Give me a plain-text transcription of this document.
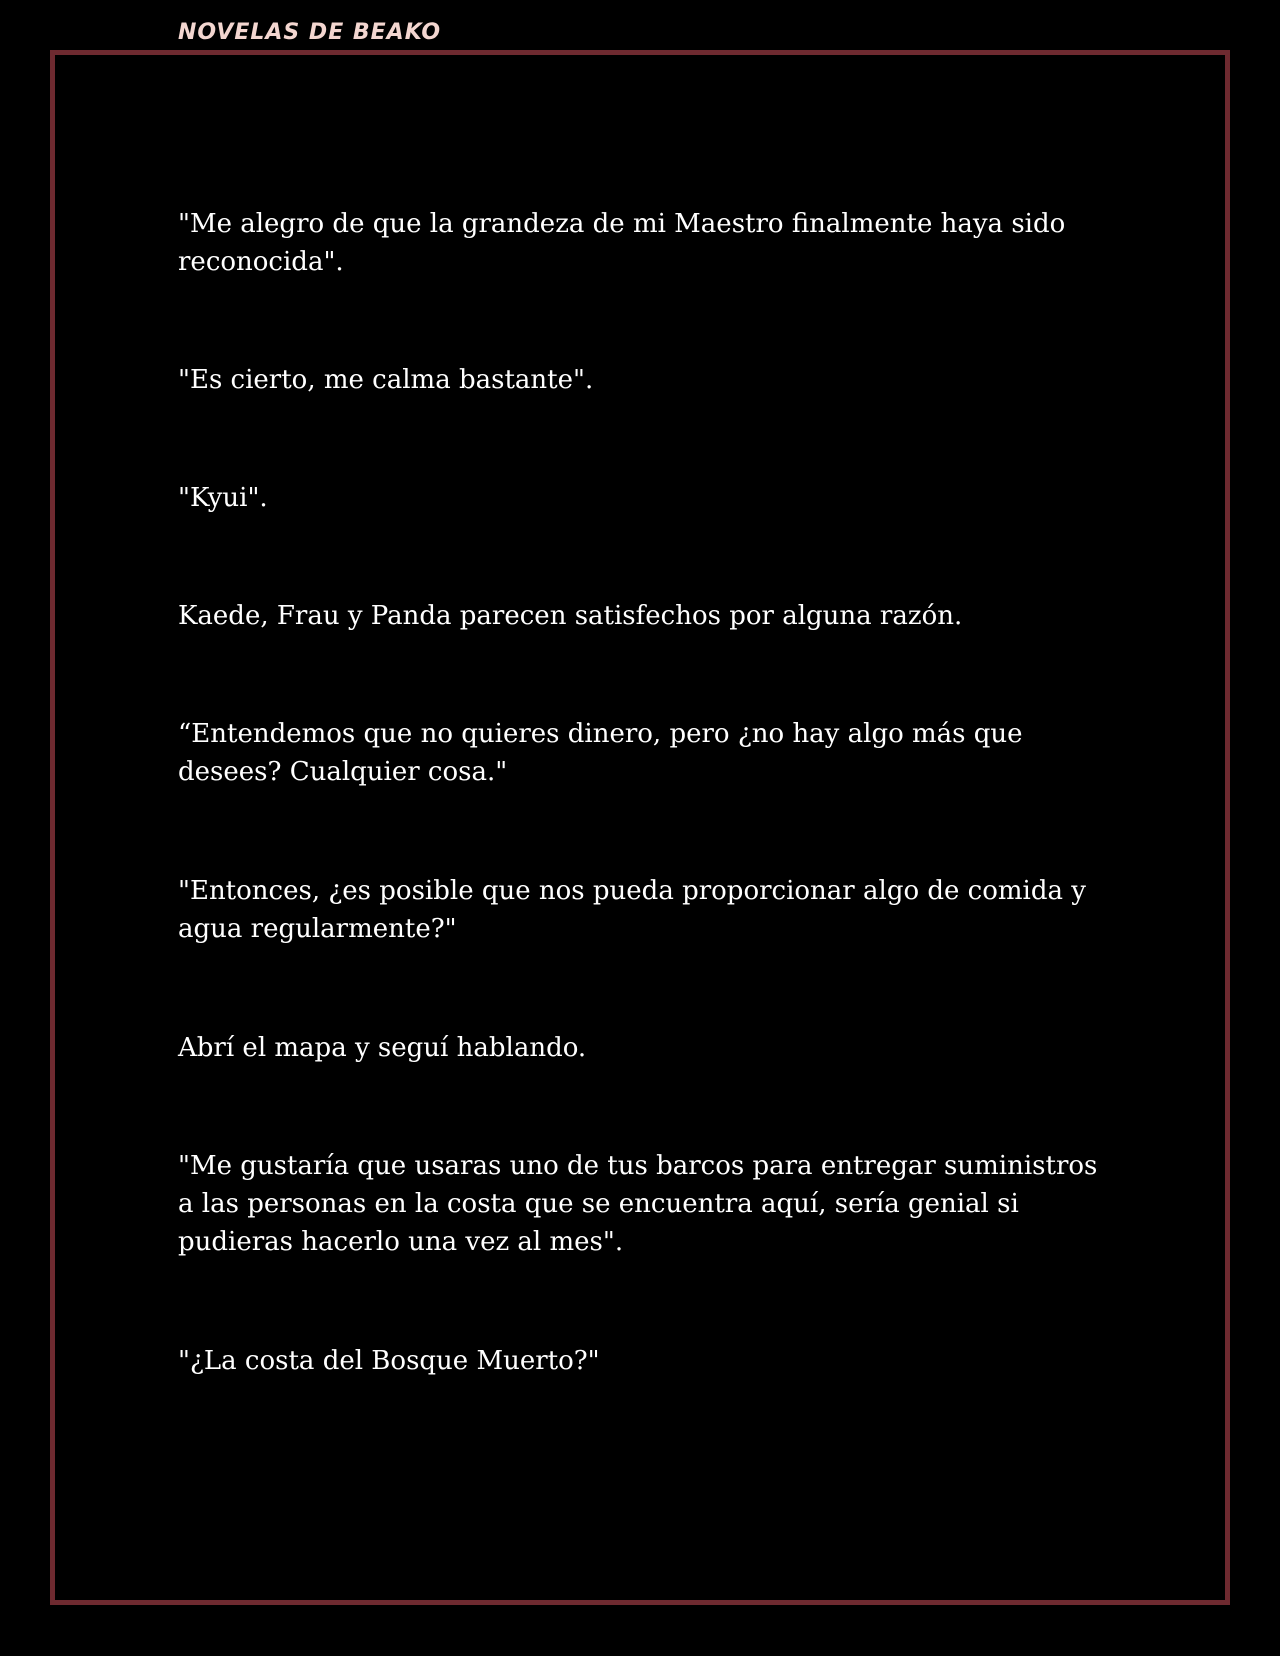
NOVELAS DE BEAKO

"Me alegro de que la grandeza de mi Maestro finalmente haya sido reconocida".

"Es cierto, me calma bastante".

"Kyui".

Kaede, Frau y Panda parecen satisfechos por alguna razón.

“Entendemos que no quieres dinero, pero ¿no hay algo más que desees? Cualquier cosa."

"Entonces, ¿es posible que nos pueda proporcionar algo de comida y agua regularmente?"

Abrí el mapa y seguí hablando.

"Me gustaría que usaras uno de tus barcos para entregar suministros a las personas en la costa que se encuentra aquí, sería genial si pudieras hacerlo una vez al mes".

"¿La costa del Bosque Muerto?"
